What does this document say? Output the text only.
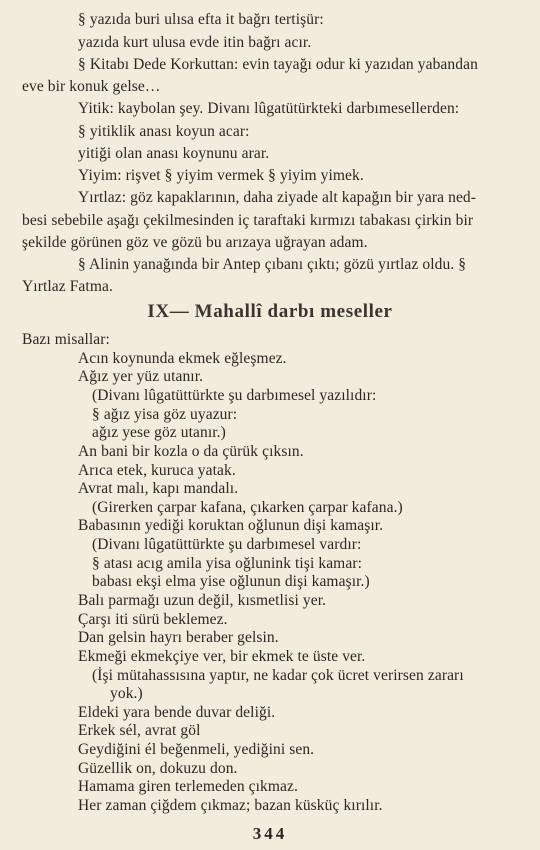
§ yazıda buri ulısa efta it bağrı tertişür:
yazıda kurt ulusa evde itin bağrı acır.
§ Kitabı Dede Korkuttan: evin tayağı odur ki yazıdan yabandan
eve bir konuk gelse…
Yitik: kaybolan şey. Divanı lûgatütürkteki darbımesellerden:
§ yitiklik anası koyun acar:
yitiği olan anası koynunu arar.
Yiyim: rişvet § yiyim vermek § yiyim yimek.
Yırtlaz: göz kapaklarının, daha ziyade alt kapağın bir yara ned-
besi sebebile aşağı çekilmesinden iç taraftaki kırmızı tabakası çirkin bir
şekilde görünen göz ve gözü bu arızaya uğrayan adam.
§ Alinin yanağında bir Antep çıbanı çıktı; gözü yırtlaz oldu. §
Yırtlaz Fatma.
IX— Mahallî darbı meseller
Bazı misallar:
Acın koynunda ekmek eğleşmez.
Ağız yer yüz utanır.
(Divanı lûgatüttürkte şu darbımesel yazılıdır:
§ ağız yisa göz uyazur:
ağız yese göz utanır.)
An bani bir kozla o da çürük çıksın.
Arıca etek, kuruca yatak.
Avrat malı, kapı mandalı.
(Girerken çarpar kafana, çıkarken çarpar kafana.)
Babasının yediği koruktan oğlunun dişi kamaşır.
(Divanı lûgatüttürkte şu darbımesel vardır:
§ atası acıg amila yisa oğlunink tişi kamar:
babası ekşi elma yise oğlunun dişi kamaşır.)
Balı parmağı uzun değil, kısmetlisi yer.
Çarşı iti sürü beklemez.
Dan gelsin hayrı beraber gelsin.
Ekmeği ekmekçiye ver, bir ekmek te üste ver.
(İşi mütahassısına yaptır, ne kadar çok ücret verirsen zararı
yok.)
Eldeki yara bende duvar deliği.
Erkek sél, avrat göl
Geydiğini él beğenmeli, yediğini sen.
Güzellik on, dokuzu don.
Hamama giren terlemeden çıkmaz.
Her zaman çiğdem çıkmaz; bazan küsküç kırılır.
344
